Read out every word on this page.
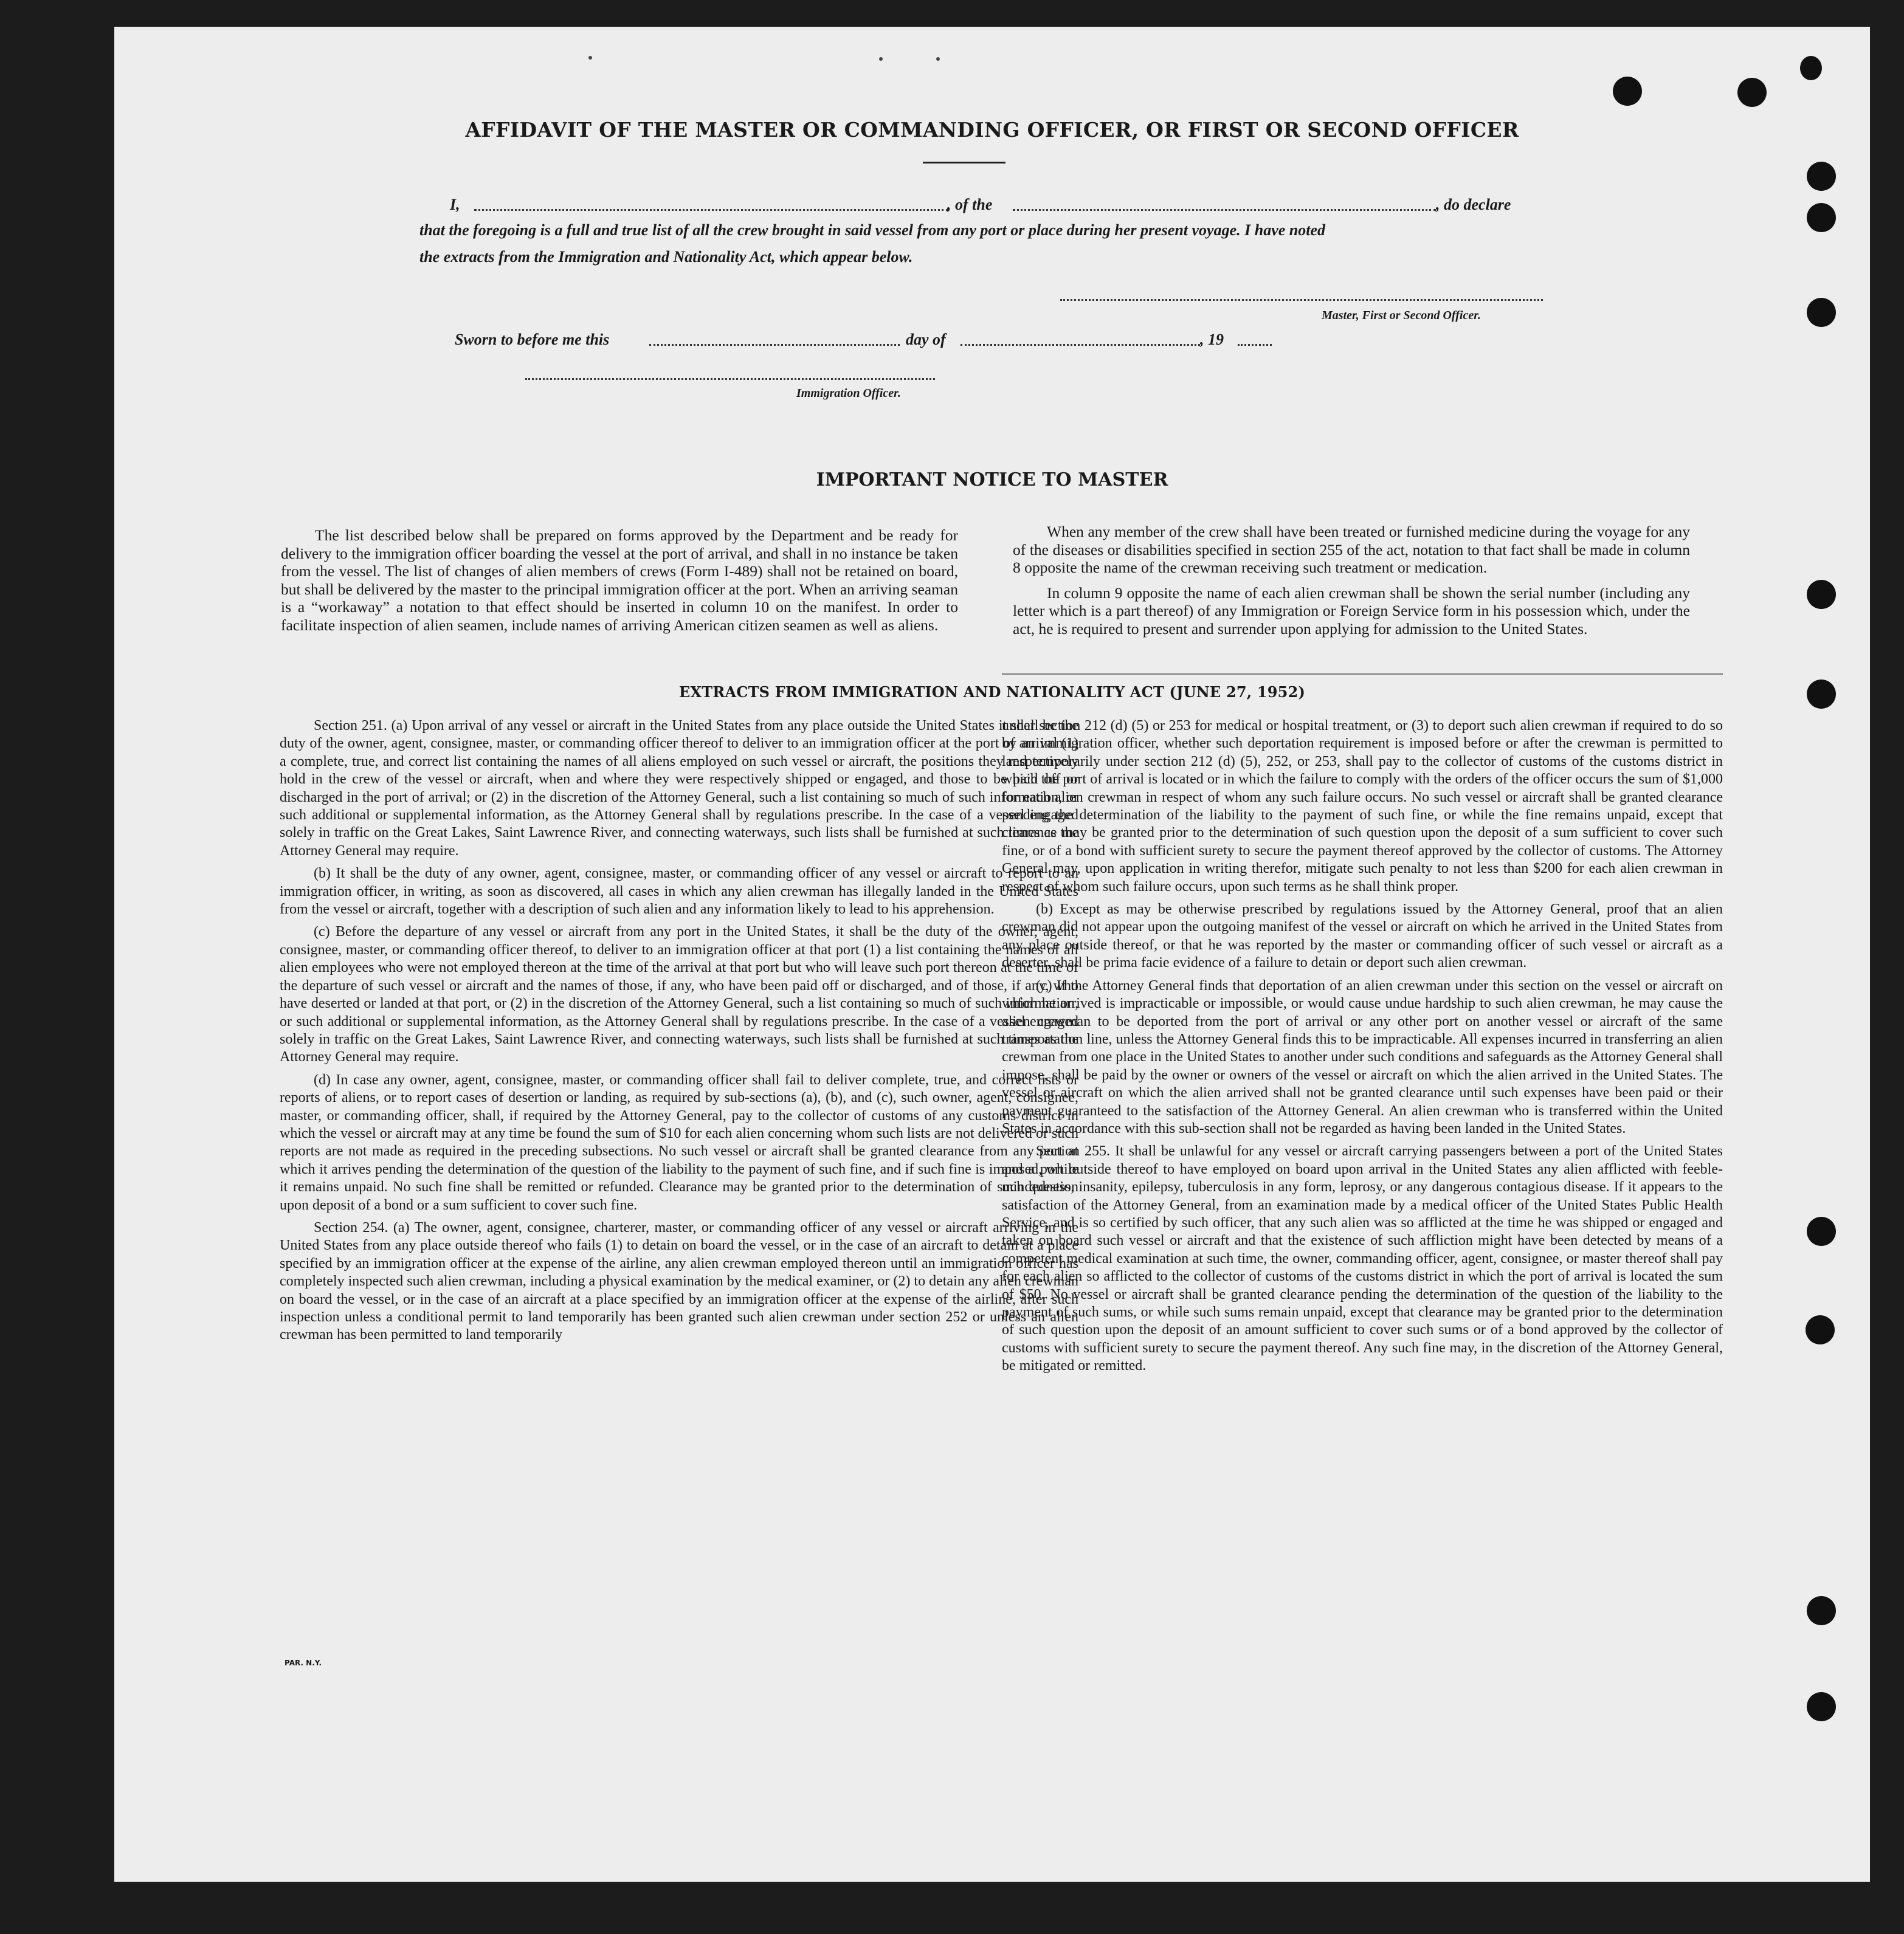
AFFIDAVIT OF THE MASTER OR COMMANDING OFFICER, OR FIRST OR SECOND OFFICER
I,	, of the	, do declare
that the foregoing is a full and true list of all the crew brought in said vessel from any port or place during her present voyage. I have noted
the extracts from the Immigration and Nationality Act, which appear below.
Master, First or Second Officer.
Sworn to before me this	day of	, 19
Immigration Officer.
IMPORTANT NOTICE TO MASTER

The list described below shall be prepared on forms approved by the Department and be ready for delivery to the immigration officer boarding the vessel at the port of arrival, and shall in no instance be taken from the vessel. The list of changes of alien members of crews (Form I-489) shall not be retained on board, but shall be delivered by the master to the principal immigration officer at the port. When an arriving seaman is a “workaway” a notation to that effect should be inserted in column 10 on the manifest. In order to facilitate inspection of alien seamen, include names of arriving American citizen seamen as well as aliens.

When any member of the crew shall have been treated or furnished medicine during the voyage for any of the diseases or disabilities specified in section 255 of the act, notation to that fact shall be made in column 8 opposite the name of the crewman receiving such treatment or medication.

In column 9 opposite the name of each alien crewman shall be shown the serial number (including any letter which is a part thereof) of any Immigration or Foreign Service form in his possession which, under the act, he is required to present and surrender upon applying for admission to the United States.

EXTRACTS FROM IMMIGRATION AND NATIONALITY ACT (JUNE 27, 1952)

Section 251. (a) Upon arrival of any vessel or aircraft in the United States from any place outside the United States it shall be the duty of the owner, agent, consignee, master, or commanding officer thereof to deliver to an immigration officer at the port of arrival (1) a complete, true, and correct list containing the names of all aliens employed on such vessel or aircraft, the positions they respectively hold in the crew of the vessel or aircraft, when and where they were respectively shipped or engaged, and those to be paid off or discharged in the port of arrival; or (2) in the discretion of the Attorney General, such a list containing so much of such information, or such additional or supplemental information, as the Attorney General shall by regulations prescribe. In the case of a vessel engaged solely in traffic on the Great Lakes, Saint Lawrence River, and connecting waterways, such lists shall be furnished at such times as the Attorney General may require.

(b) It shall be the duty of any owner, agent, consignee, master, or commanding officer of any vessel or aircraft to report to an immigration officer, in writing, as soon as discovered, all cases in which any alien crewman has illegally landed in the United States from the vessel or aircraft, together with a description of such alien and any information likely to lead to his apprehension.

(c) Before the departure of any vessel or aircraft from any port in the United States, it shall be the duty of the owner, agent, consignee, master, or commanding officer thereof, to deliver to an immigration officer at that port (1) a list containing the names of all alien employees who were not employed thereon at the time of the arrival at that port but who will leave such port thereon at the time of the departure of such vessel or aircraft and the names of those, if any, who have been paid off or discharged, and of those, if any, who have deserted or landed at that port, or (2) in the discretion of the Attorney General, such a list containing so much of such information, or such additional or supplemental information, as the Attorney General shall by regulations prescribe. In the case of a vessel engaged solely in traffic on the Great Lakes, Saint Lawrence River, and connecting waterways, such lists shall be furnished at such times as the Attorney General may require.

(d) In case any owner, agent, consignee, master, or commanding officer shall fail to deliver complete, true, and correct lists or reports of aliens, or to report cases of desertion or landing, as required by sub-sections (a), (b), and (c), such owner, agent, consignee, master, or commanding officer, shall, if required by the Attorney General, pay to the collector of customs of any customs district in which the vessel or aircraft may at any time be found the sum of $10 for each alien concerning whom such lists are not delivered or such reports are not made as required in the preceding subsections. No such vessel or aircraft shall be granted clearance from any port at which it arrives pending the determination of the question of the liability to the payment of such fine, and if such fine is imposed, while it remains unpaid. No such fine shall be remitted or refunded. Clearance may be granted prior to the determination of such question upon deposit of a bond or a sum sufficient to cover such fine.

Section 254. (a) The owner, agent, consignee, charterer, master, or commanding officer of any vessel or aircraft arriving in the United States from any place outside thereof who fails (1) to detain on board the vessel, or in the case of an aircraft to detain at a place specified by an immigration officer at the expense of the airline, any alien crewman employed thereon until an immigration officer has completely inspected such alien crewman, including a physical examination by the medical examiner, or (2) to detain any alien crewman on board the vessel, or in the case of an aircraft at a place specified by an immigration officer at the expense of the airline, after such inspection unless a conditional permit to land temporarily has been granted such alien crewman under section 252 or unless an alien crewman has been permitted to land temporarily

under section 212 (d) (5) or 253 for medical or hospital treatment, or (3) to deport such alien crewman if required to do so by an immigration officer, whether such deportation requirement is imposed before or after the crewman is permitted to land temporarily under section 212 (d) (5), 252, or 253, shall pay to the collector of customs of the customs district in which the port of arrival is located or in which the failure to comply with the orders of the officer occurs the sum of $1,000 for each alien crewman in respect of whom any such failure occurs. No such vessel or aircraft shall be granted clearance pending the determination of the liability to the payment of such fine, or while the fine remains unpaid, except that clearance may be granted prior to the determination of such question upon the deposit of a sum sufficient to cover such fine, or of a bond with sufficient surety to secure the payment thereof approved by the collector of customs. The Attorney General may, upon application in writing therefor, mitigate such penalty to not less than $200 for each alien crewman in respect of whom such failure occurs, upon such terms as he shall think proper.

(b) Except as may be otherwise prescribed by regulations issued by the Attorney General, proof that an alien crewman did not appear upon the outgoing manifest of the vessel or aircraft on which he arrived in the United States from any place outside thereof, or that he was reported by the master or commanding officer of such vessel or aircraft as a deserter, shall be prima facie evidence of a failure to detain or deport such alien crewman.

(c) If the Attorney General finds that deportation of an alien crewman under this section on the vessel or aircraft on which he arrived is impracticable or impossible, or would cause undue hardship to such alien crewman, he may cause the alien crewman to be deported from the port of arrival or any other port on another vessel or aircraft of the same transportation line, unless the Attorney General finds this to be impracticable. All expenses incurred in transferring an alien crewman from one place in the United States to another under such conditions and safeguards as the Attorney General shall impose, shall be paid by the owner or owners of the vessel or aircraft on which the alien arrived in the United States. The vessel or aircraft on which the alien arrived shall not be granted clearance until such expenses have been paid or their payment guaranteed to the satisfaction of the Attorney General. An alien crewman who is transferred within the United States in accordance with this sub-section shall not be regarded as having been landed in the United States.

Section 255. It shall be unlawful for any vessel or aircraft carrying passengers between a port of the United States and a port outside thereof to have employed on board upon arrival in the United States any alien afflicted with feeble-mindedness, insanity, epilepsy, tuberculosis in any form, leprosy, or any dangerous contagious disease. If it appears to the satisfaction of the Attorney General, from an examination made by a medical officer of the United States Public Health Service, and is so certified by such officer, that any such alien was so afflicted at the time he was shipped or engaged and taken on board such vessel or aircraft and that the existence of such affliction might have been detected by means of a competent medical examination at such time, the owner, commanding officer, agent, consignee, or master thereof shall pay for each alien so afflicted to the collector of customs of the customs district in which the port of arrival is located the sum of $50. No vessel or aircraft shall be granted clearance pending the determination of the question of the liability to the payment of such sums, or while such sums remain unpaid, except that clearance may be granted prior to the determination of such question upon the deposit of an amount sufficient to cover such sums or of a bond approved by the collector of customs with sufficient surety to secure the payment thereof. Any such fine may, in the discretion of the Attorney General, be mitigated or remitted.

PAR. N.Y.
